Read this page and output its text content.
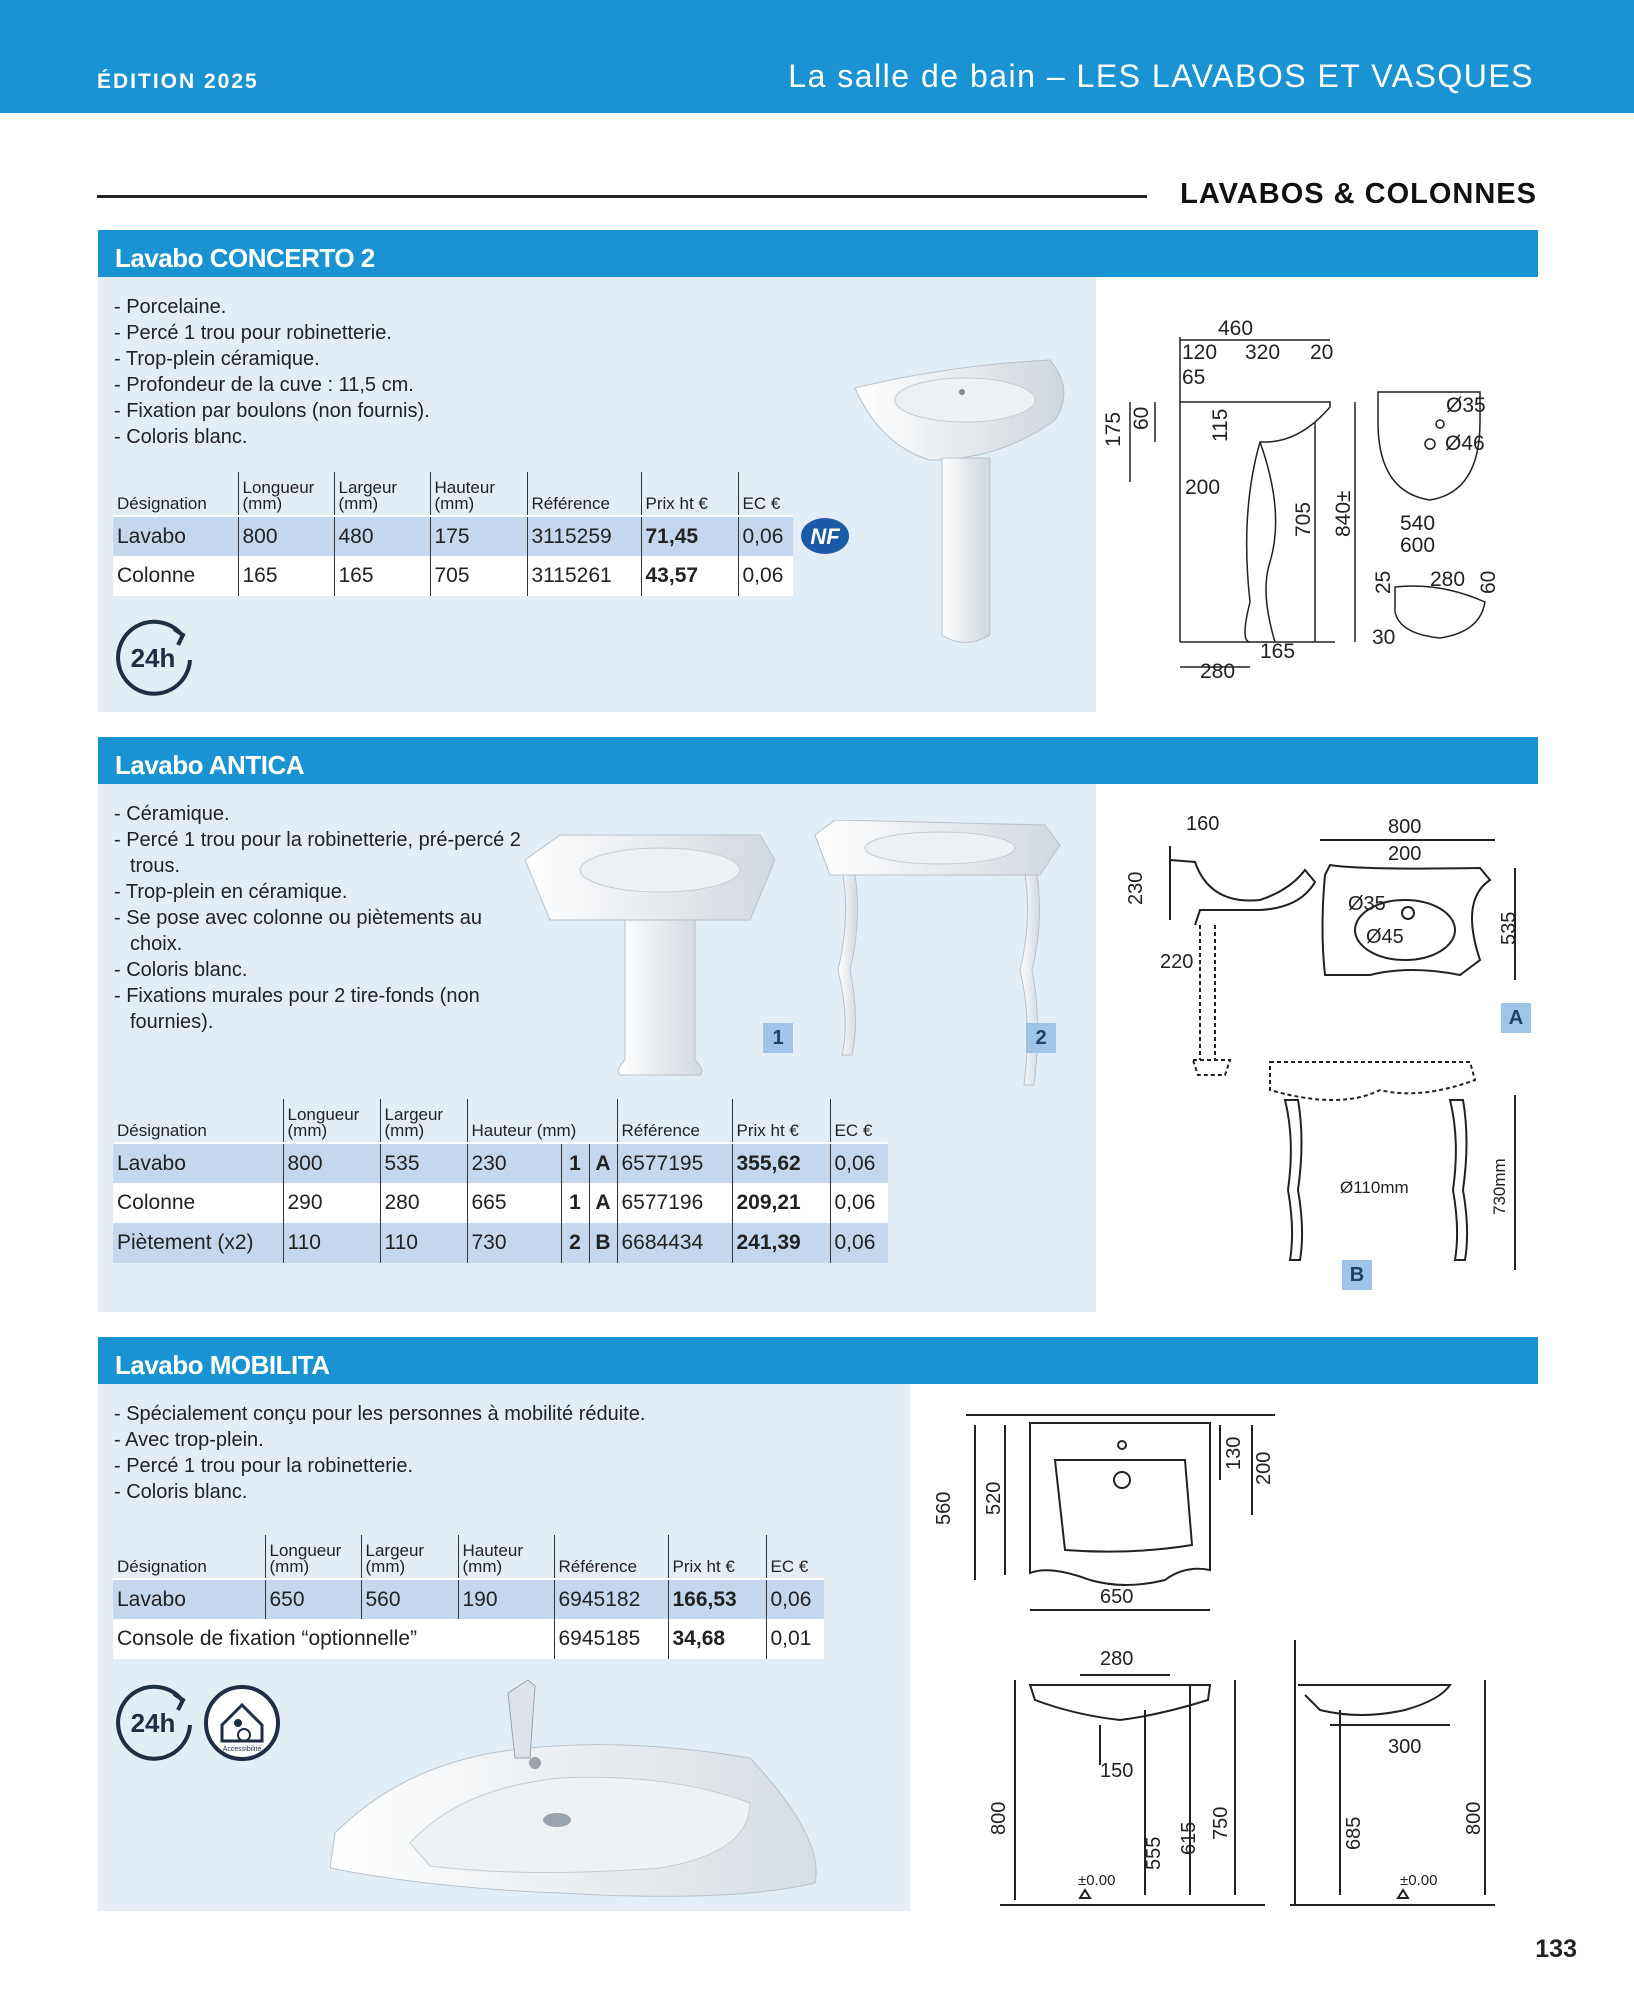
ÉDITION 2025	La salle de bain – LES LAVABOS ET VASQUES
LAVABOS & COLONNES
Lavabo CONCERTO 2
- Porcelaine.
- Percé 1 trou pour robinetterie.
- Trop-plein céramique.
- Profondeur de la cuve : 11,5 cm.
- Fixation par boulons (non fournis).
- Coloris blanc.
Désignation	Longueur (mm)	Largeur (mm)	Hauteur (mm)	Référence	Prix ht €	EC €
Lavabo	800	480	175	3115259	71,45	0,06
Colonne	165	165	705	3115261	43,57	0,06
NF
24h
460
120 320 20
65
175 60	115
200
705 840±
165
280
Ø35
Ø46
540
600
25 280 60
30
Lavabo ANTICA
- Céramique.
- Percé 1 trou pour la robinetterie, pré-percé 2 trous.
- Trop-plein en céramique.
- Se pose avec colonne ou piètements au choix.
- Coloris blanc.
- Fixations murales pour 2 tire-fonds (non fournies).
1	2
Désignation	Longueur (mm)	Largeur (mm)	Hauteur (mm)			Référence	Prix ht €	EC €
Lavabo	800	535	230	1	A	6577195	355,62	0,06
Colonne	290	280	665	1	A	6577196	209,21	0,06
Piètement (x2)	110	110	730	2	B	6684434	241,39	0,06
160
230
220
800
200
Ø35
Ø45	535
Ø110mm	730mm
A
B
Lavabo MOBILITA
- Spécialement conçu pour les personnes à mobilité réduite.
- Avec trop-plein.
- Percé 1 trou pour la robinetterie.
- Coloris blanc.
Désignation	Longueur (mm)	Largeur (mm)	Hauteur (mm)	Référence	Prix ht €	EC €
Lavabo	650	560	190	6945182	166,53	0,06
Console de fixation “optionnelle”				6945185	34,68	0,01
24h
Accessibilité
560 520
130 200
650
280
150
800
555 615 750
±0.00
300
685	800
±0.00
133
